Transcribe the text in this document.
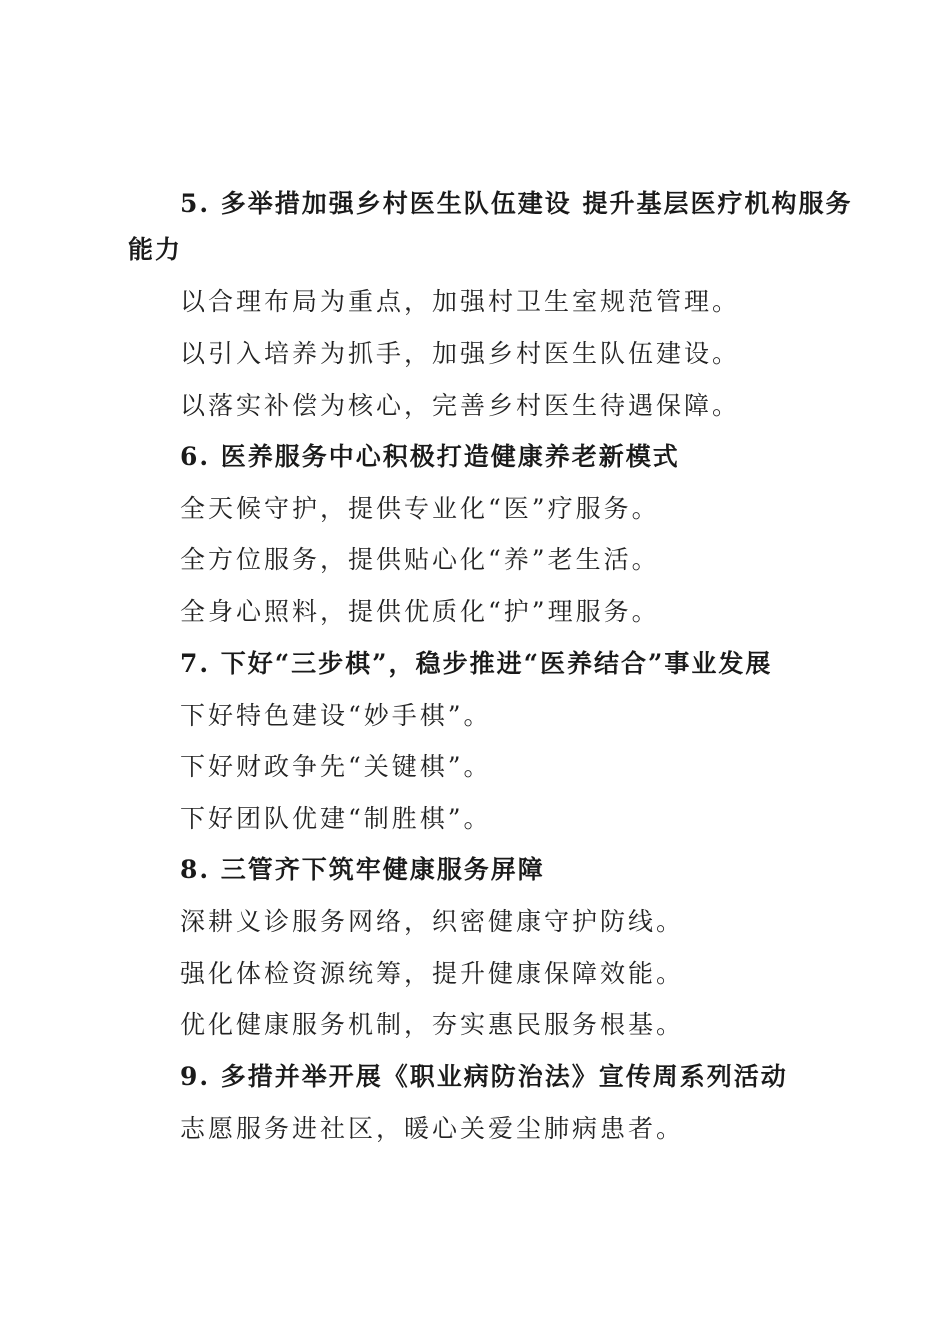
5. 多举措加强乡村医生队伍建设 提升基层医疗机构服务
能力
以合理布局为重点，加强村卫生室规范管理。
以引入培养为抓手，加强乡村医生队伍建设。
以落实补偿为核心，完善乡村医生待遇保障。
6. 医养服务中心积极打造健康养老新模式
全天候守护，提供专业化“医”疗服务。
全方位服务，提供贴心化“养”老生活。
全身心照料，提供优质化“护”理服务。
7. 下好“三步棋”，稳步推进“医养结合”事业发展
下好特色建设“妙手棋”。
下好财政争先“关键棋”。
下好团队优建“制胜棋”。
8. 三管齐下筑牢健康服务屏障
深耕义诊服务网络，织密健康守护防线。
强化体检资源统筹，提升健康保障效能。
优化健康服务机制，夯实惠民服务根基。
9. 多措并举开展《职业病防治法》宣传周系列活动
志愿服务进社区，暖心关爱尘肺病患者。
